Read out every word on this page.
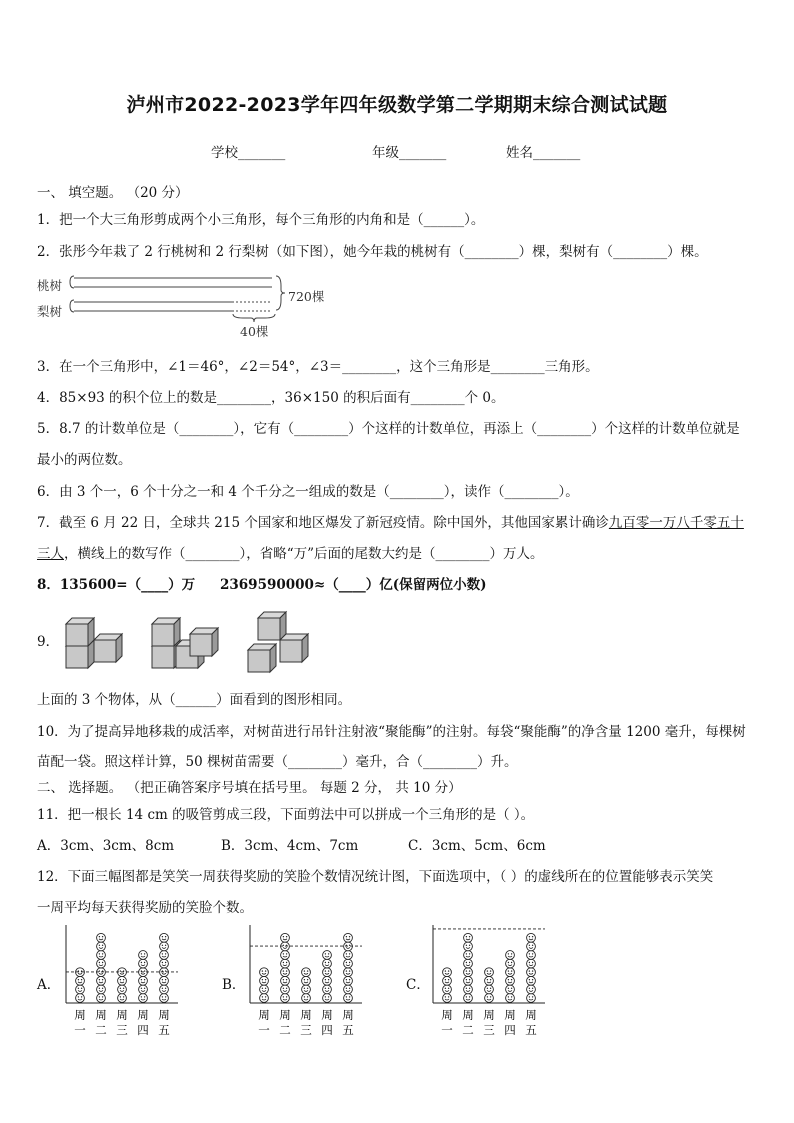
泸州市2022-2023学年四年级数学第二学期期末综合测试试题
学校_______	年级_______	姓名_______
一、 填空题。 （20 分）
1．把一个大三角形剪成两个小三角形，每个三角形的内角和是（______）。
2．张彤今年栽了 2 行桃树和 2 行梨树（如下图），她今年栽的桃树有（________）棵，梨树有（________）棵。
桃树
梨树
720棵
40棵
3．在一个三角形中，∠1＝46°，∠2＝54°，∠3＝________，这个三角形是________三角形。
4．85×93 的积个位上的数是________，36×150 的积后面有________个 0。
5．8.7 的计数单位是（________），它有（________）个这样的计数单位，再添上（________）个这样的计数单位就是
最小的两位数。
6．由 3 个一，6 个十分之一和 4 个千分之一组成的数是（________），读作（________）。
7．截至 6 月 22 日，全球共 215 个国家和地区爆发了新冠疫情。除中国外，其他国家累计确诊九百零一万八千零五十
三人，横线上的数写作（________），省略“万”后面的尾数大约是（________）万人。
8．135600=（____）万 2369590000≈（____）亿(保留两位小数)
9．
上面的 3 个物体，从（______）面看到的图形相同。
10．为了提高异地移栽的成活率，对树苗进行吊针注射液“聚能酶”的注射。每袋“聚能酶”的净含量 1200 毫升，每棵树
苗配一袋。照这样计算，50 棵树苗需要（________）毫升，合（________）升。
二、 选择题。 （把正确答案序号填在括号里。 每题 2 分， 共 10 分）
11．把一根长 14 cm 的吸管剪成三段，下面剪法中可以拼成一个三角形的是（ ）。
A．3cm、3cm、8cm	B．3cm、4cm、7cm	C．3cm、5cm、6cm
12．下面三幅图都是笑笑一周获得奖励的笑脸个数情况统计图，下面选项中，（ ）的虚线所在的位置能够表示笑笑
一周平均每天获得奖励的笑脸个数。
A．	B．	C．
周
一
周
二
周
三
周
四
周
五
周
一
周
二
周
三
周
四
周
五
周
一
周
二
周
三
周
四
周
五
